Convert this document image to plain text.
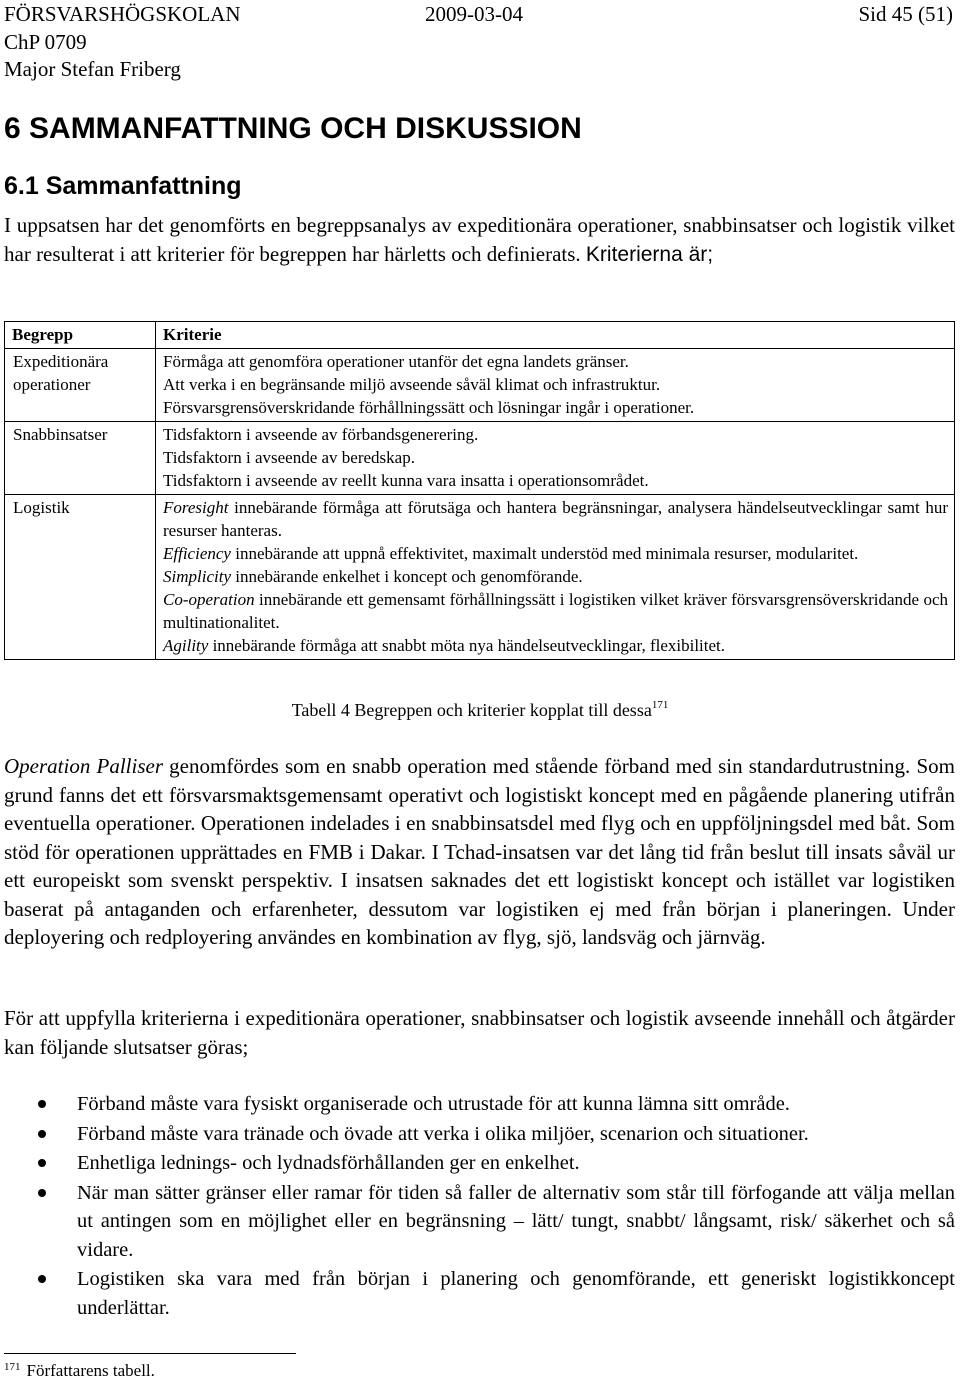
FÖRSVARSHÖGSKOLAN	2009-03-04	Sid 45 (51)
ChP 0709
Major Stefan Friberg
6 SAMMANFATTNING OCH DISKUSSION
6.1 Sammanfattning
I uppsatsen har det genomförts en begreppsanalys av expeditionära operationer, snabbinsatser och logistik vilket har resulterat i att kriterier för begreppen har härletts och definierats. Kriterierna är;
Begrepp	Kriterie
Expeditionära operationer	Förmåga att genomföra operationer utanför det egna landets gränser.
Att verka i en begränsande miljö avseende såväl klimat och infrastruktur.
Försvarsgrensöverskridande förhållningssätt och lösningar ingår i operationer.

Snabbinsatser	Tidsfaktorn i avseende av förbandsgenerering.
Tidsfaktorn i avseende av beredskap.
Tidsfaktorn i avseende av reellt kunna vara insatta i operationsområdet.

Logistik	Foresight innebärande förmåga att förutsäga och hantera begränsningar, analysera händelseutvecklingar samt hur resurser hanteras.
Efficiency innebärande att uppnå effektivitet, maximalt understöd med minimala resurser, modularitet.
Simplicity innebärande enkelhet i koncept och genomförande.
Co-operation innebärande ett gemensamt förhållningssätt i logistiken vilket kräver försvarsgrensöverskridande och multinationalitet.
Agility innebärande förmåga att snabbt möta nya händelseutvecklingar, flexibilitet.
Tabell 4 Begreppen och kriterier kopplat till dessa$^{171}$
Operation Palliser genomfördes som en snabb operation med stående förband med sin standardutrustning. Som grund fanns det ett försvarsmaktsgemensamt operativt och logistiskt koncept med en pågående planering utifrån eventuella operationer. Operationen indelades i en snabbinsatsdel med flyg och en uppföljningsdel med båt. Som stöd för operationen upprättades en FMB i Dakar. I Tchad-insatsen var det lång tid från beslut till insats såväl ur ett europeiskt som svenskt perspektiv. I insatsen saknades det ett logistiskt koncept och istället var logistiken baserat på antaganden och erfarenheter, dessutom var logistiken ej med från början i planeringen. Under deployering och redployering användes en kombination av flyg, sjö, landsväg och järnväg.
För att uppfylla kriterierna i expeditionära operationer, snabbinsatser och logistik avseende innehåll och åtgärder kan följande slutsatser göras;
Förband måste vara fysiskt organiserade och utrustade för att kunna lämna sitt område.
Förband måste vara tränade och övade att verka i olika miljöer, scenarion och situationer.
Enhetliga lednings- och lydnadsförhållanden ger en enkelhet.
När man sätter gränser eller ramar för tiden så faller de alternativ som står till förfogande att välja mellan ut antingen som en möjlighet eller en begränsning – lätt/ tungt, snabbt/ långsamt, risk/ säkerhet och så vidare.
Logistiken ska vara med från början i planering och genomförande, ett generiskt logistikkoncept underlättar.
$^{171}$ Författarens tabell.
